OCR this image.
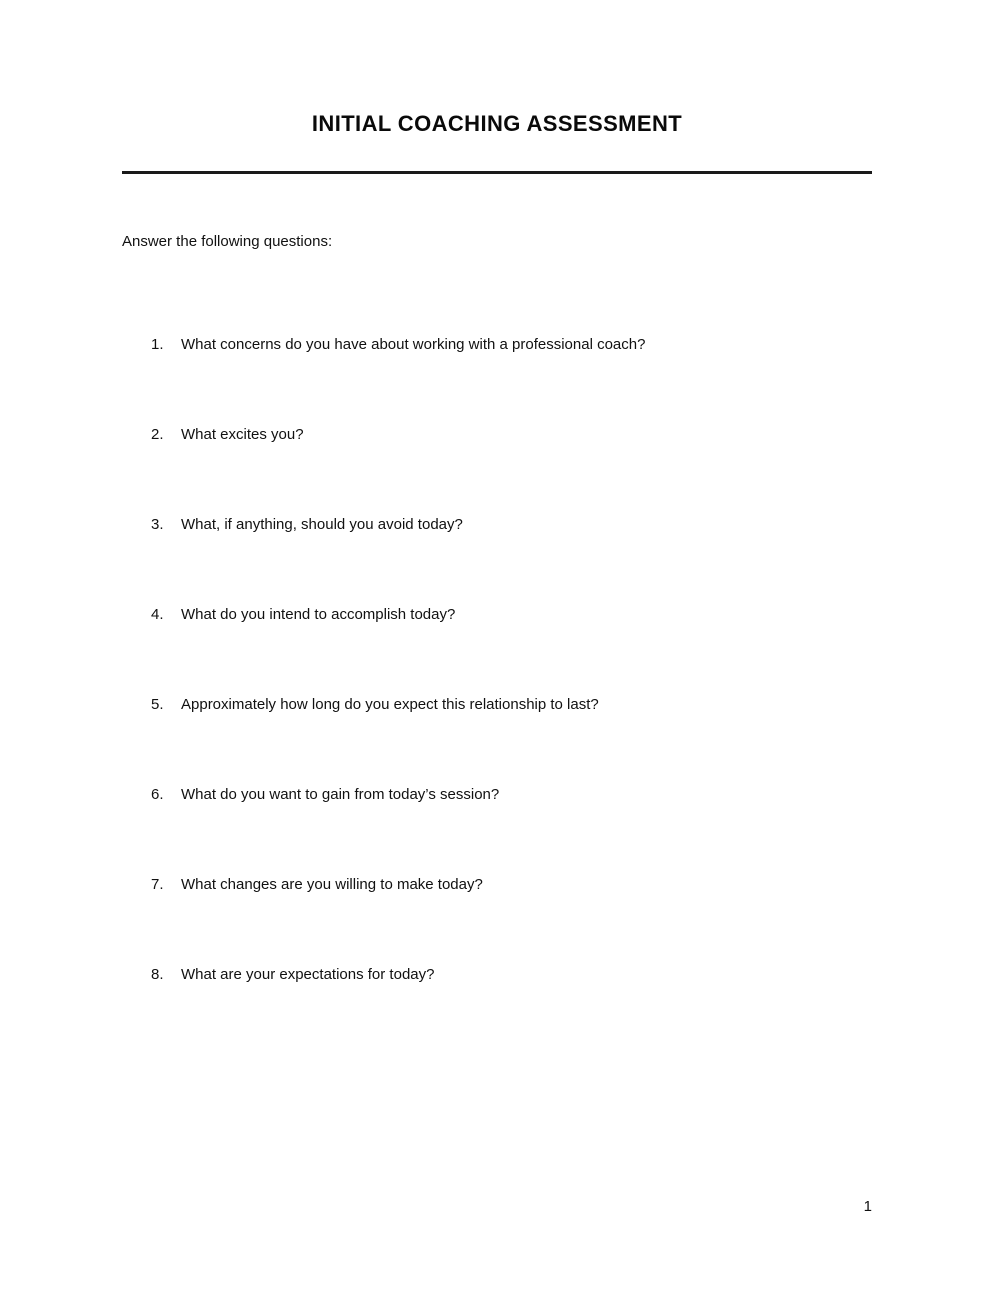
INITIAL COACHING ASSESSMENT

Answer the following questions:

1.	What concerns do you have about working with a professional coach?
2.	What excites you?
3.	What, if anything, should you avoid today?
4.	What do you intend to accomplish today?
5.	Approximately how long do you expect this relationship to last?
6.	What do you want to gain from today’s session?
7.	What changes are you willing to make today?
8.	What are your expectations for today?
1
